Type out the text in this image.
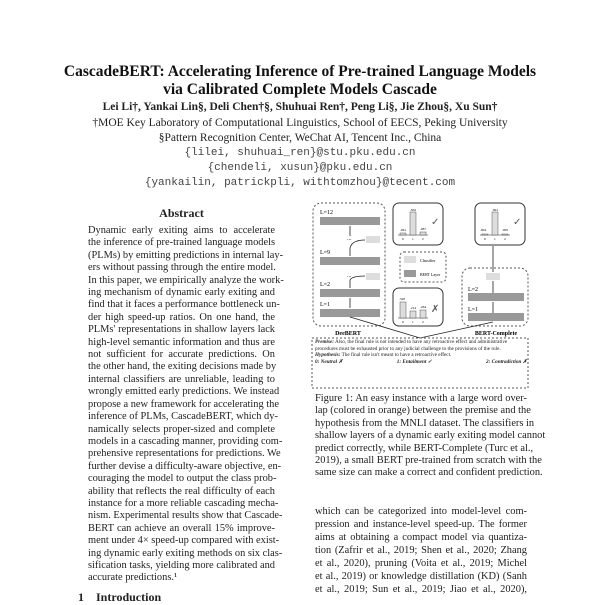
CascadeBERT: Accelerating Inference of Pre-trained Language Models
via Calibrated Complete Models Cascade
Lei Li†, Yankai Lin§, Deli Chen†§, Shuhuai Ren†, Peng Li§, Jie Zhou§, Xu Sun†
†MOE Key Laboratory of Computational Linguistics, School of EECS, Peking University
§Pattern Recognition Center, WeChat AI, Tencent Inc., China
{lilei, shuhuai_ren}@stu.pku.edu.cn
{chendeli, xusun}@pku.edu.cn
{yankailin, patrickpli, withtomzhou}@tecent.com
Abstract
Dynamic early exiting aims to accelerate
the inference of pre-trained language models
(PLMs) by emitting predictions in internal lay-
ers without passing through the entire model.
In this paper, we empirically analyze the work-
ing mechanism of dynamic early exiting and
find that it faces a performance bottleneck un-
der high speed-up ratios. On one hand, the
PLMs' representations in shallow layers lack
high-level semantic information and thus are
not sufficient for accurate predictions. On
the other hand, the exiting decisions made by
internal classifiers are unreliable, leading to
wrongly emitted early predictions. We instead
propose a new framework for accelerating the
inference of PLMs, CascadeBERT, which dy-
namically selects proper-sized and complete
models in a cascading manner, providing com-
prehensive representations for predictions. We
further devise a difficulty-aware objective, en-
couraging the model to output the class prob-
ability that reflects the real difficulty of each
instance for a more reliable cascading mecha-
nism. Experimental results show that Cascade-
BERT can achieve an overall 15% improve-
ment under 4× speed-up compared with exist-
ing dynamic early exiting methods on six clas-
sification tasks, yielding more calibrated and
accurate predictions.¹
1 Introduction
L=12
...
L=9
...
L=2
L=1
DeeBERT
.061
.832
.087
0 1 2
✓
Classifier
BERT Layer
.520
.214 .264
0 1 2
✗
.004
.991
.005
0 1 2
✓
L=2
L=1
BERT-Complete
Premise: Also, the final rule is not intended to have any retroactive effect and administrative procedures must be exhausted prior to any judicial challenge to the provisions of the rule.
Hypothesis: The final rule isn't meant to have a retroactive effect.
0: Neutral ✗	1: Entailment ✓	2: Contradiction ✗
Figure 1: An easy instance with a large word over-
lap (colored in orange) between the premise and the
hypothesis from the MNLI dataset. The classifiers in
shallow layers of a dynamic early exiting model cannot
predict correctly, while BERT-Complete (Turc et al.,
2019), a small BERT pre-trained from scratch with the
same size can make a correct and confident prediction.
which can be categorized into model-level com-
pression and instance-level speed-up. The former
aims at obtaining a compact model via quantiza-
tion (Zafrir et al., 2019; Shen et al., 2020; Zhang
et al., 2020), pruning (Voita et al., 2019; Michel
et al., 2019) or knowledge distillation (KD) (Sanh
et al., 2019; Sun et al., 2019; Jiao et al., 2020),
